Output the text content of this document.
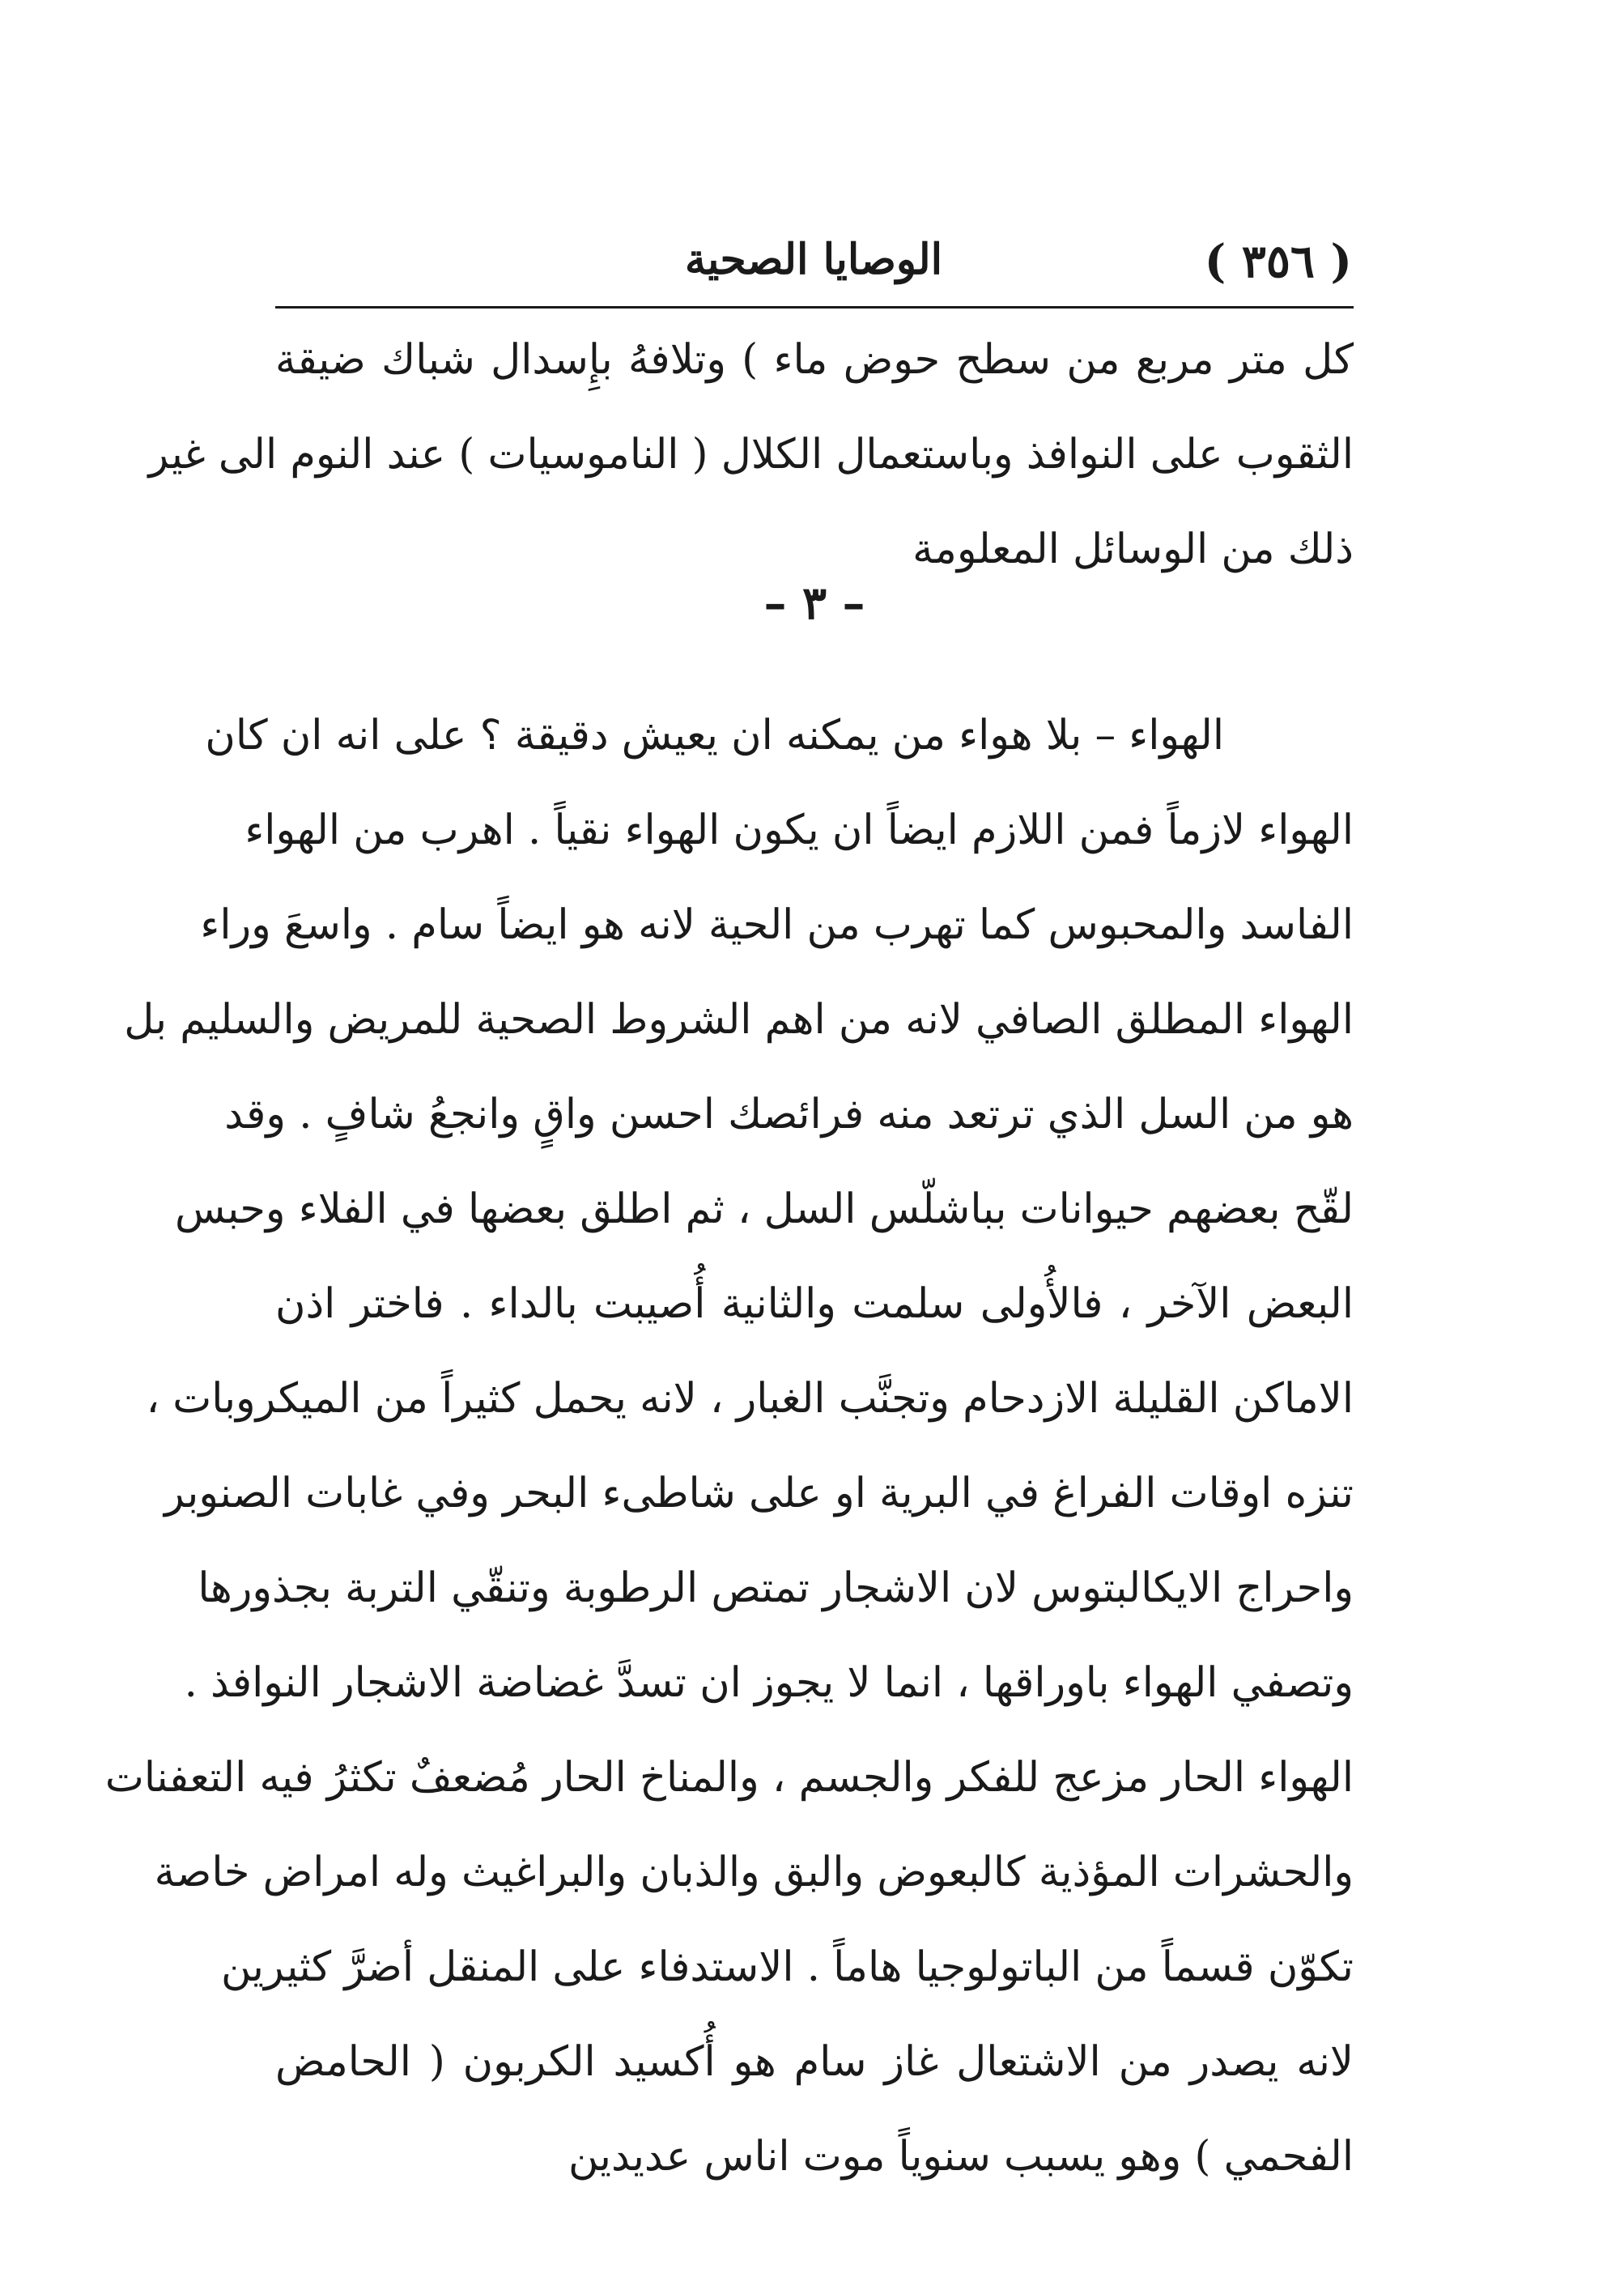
( ٣٥٦ )
الوصايا الصحية
كل متر مربع من سطح حوض ماء ) وتلافهُ بإِسدال شباك ضيقة
الثقوب على النوافذ وباستعمال الكلال ( الناموسيات ) عند النوم الى غير
ذلك من الوسائل المعلومة
– ٣ –
الهواء – بلا هواء من يمكنه ان يعيش دقيقة ؟ على انه ان كان
الهواء لازماً فمن اللازم ايضاً ان يكون الهواء نقياً . اهرب من الهواء
الفاسد والمحبوس كما تهرب من الحية لانه هو ايضاً سام . واسعَ وراء
الهواء المطلق الصافي لانه من اهم الشروط الصحية للمريض والسليم بل
هو من السل الذي ترتعد منه فرائصك احسن واقٍ وانجعُ شافٍ . وقد
لقّح بعضهم حيوانات بباشلّس السل ، ثم اطلق بعضها في الفلاء وحبس
البعض الآخر ، فالأُولى سلمت والثانية أُصيبت بالداء . فاختر اذن
الاماكن القليلة الازدحام وتجنَّب الغبار ، لانه يحمل كثيراً من الميكروبات ،
تنزه اوقات الفراغ في البرية او على شاطىء البحر وفي غابات الصنوبر
واحراج الايكالبتوس لان الاشجار تمتص الرطوبة وتنقّي التربة بجذورها
وتصفي الهواء باوراقها ، انما لا يجوز ان تسدَّ غضاضة الاشجار النوافذ .
الهواء الحار مزعج للفكر والجسم ، والمناخ الحار مُضعفٌ تكثرُ فيه التعفنات
والحشرات المؤذية كالبعوض والبق والذبان والبراغيث وله امراض خاصة
تكوّن قسماً من الباتولوجيا هاماً . الاستدفاء على المنقل أضرَّ كثيرين
لانه يصدر من الاشتعال غاز سام هو أُكسيد الكربون ( الحامض
الفحمي ) وهو يسبب سنوياً موت اناس عديدين
